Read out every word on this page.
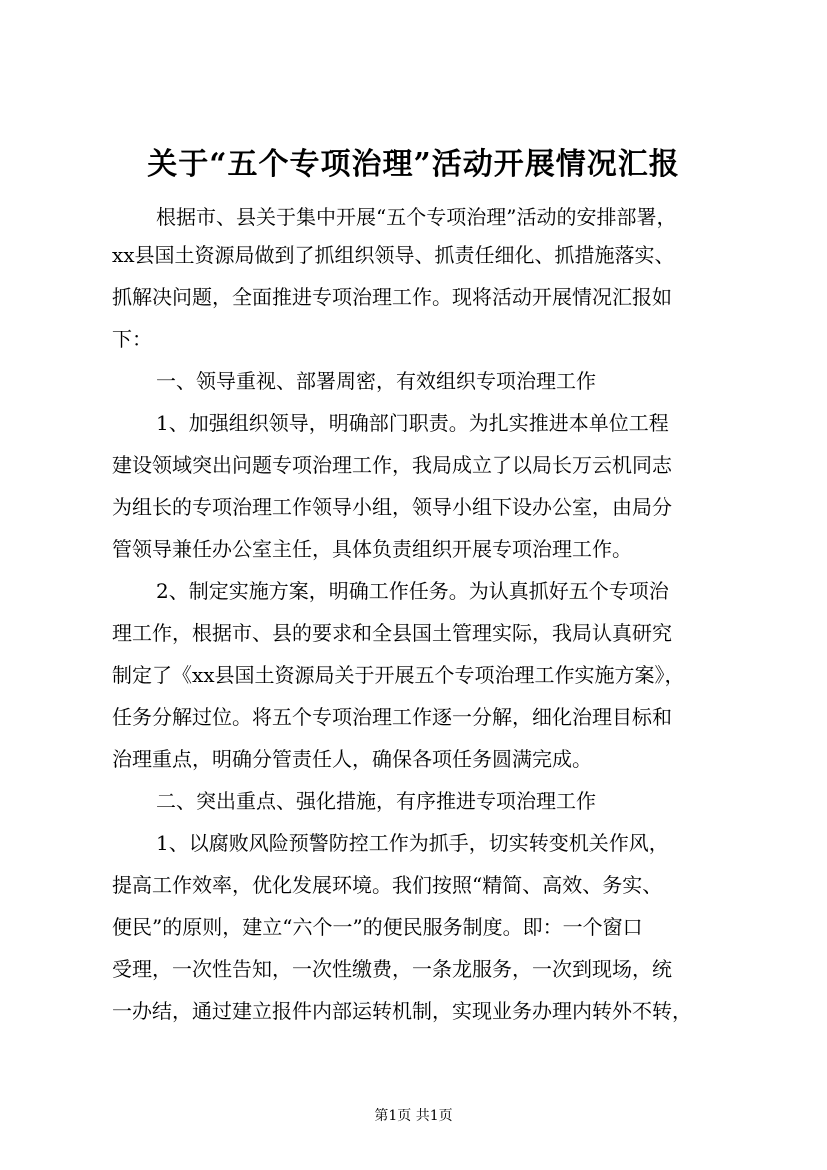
关于“五个专项治理”活动开展情况汇报
根据市、县关于集中开展“五个专项治理”活动的安排部署，
xx县国土资源局做到了抓组织领导、抓责任细化、抓措施落实、
抓解决问题，全面推进专项治理工作。现将活动开展情况汇报如
下：
一、领导重视、部署周密，有效组织专项治理工作
1、加强组织领导，明确部门职责。为扎实推进本单位工程
建设领域突出问题专项治理工作，我局成立了以局长万云机同志
为组长的专项治理工作领导小组，领导小组下设办公室，由局分
管领导兼任办公室主任，具体负责组织开展专项治理工作。
2、制定实施方案，明确工作任务。为认真抓好五个专项治
理工作，根据市、县的要求和全县国土管理实际，我局认真研究
制定了《xx县国土资源局关于开展五个专项治理工作实施方案》，
任务分解过位。将五个专项治理工作逐一分解，细化治理目标和
治理重点，明确分管责任人，确保各项任务圆满完成。
二、突出重点、强化措施，有序推进专项治理工作
1、以腐败风险预警防控工作为抓手，切实转变机关作风，
提高工作效率，优化发展环境。我们按照“精简、高效、务实、
便民”的原则，建立“六个一”的便民服务制度。即：一个窗口
受理，一次性告知，一次性缴费，一条龙服务，一次到现场，统
一办结，通过建立报件内部运转机制，实现业务办理内转外不转，
第1页 共1页
